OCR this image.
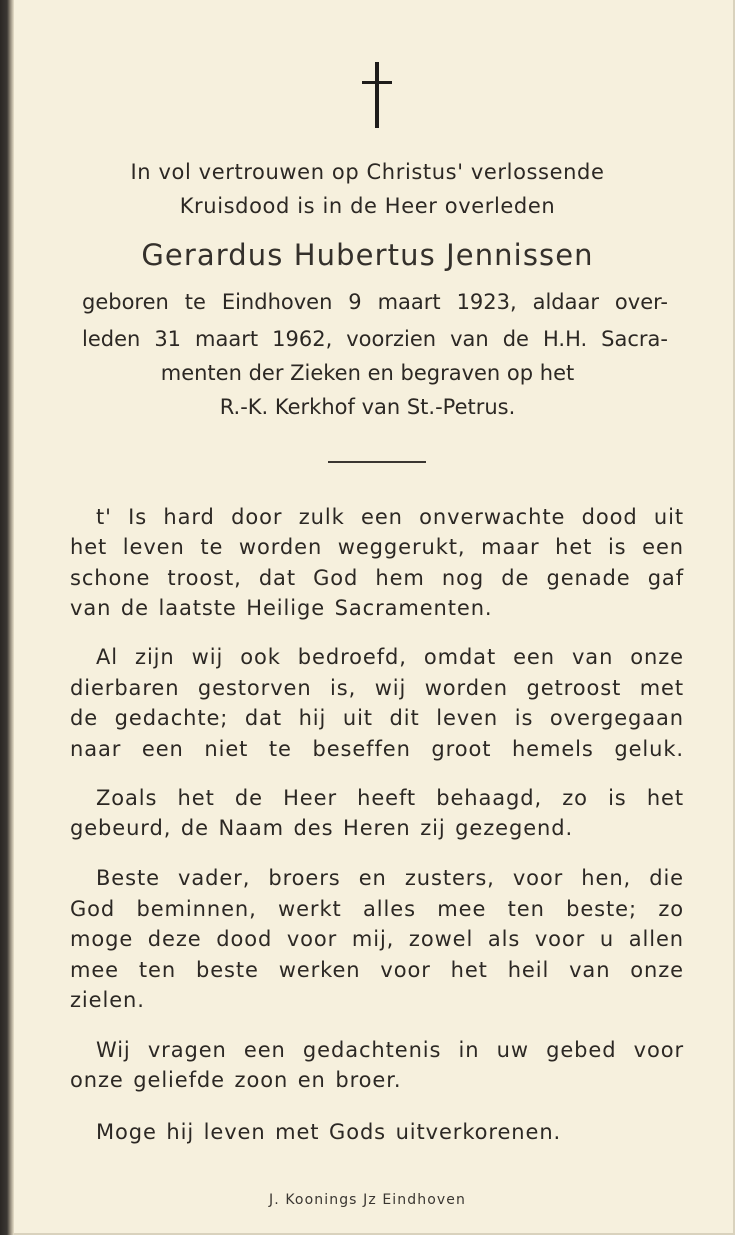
In vol vertrouwen op Christus' verlossende
Kruisdood is in de Heer overleden
Gerardus Hubertus Jennissen
geboren te Eindhoven 9 maart 1923, aldaar over-
leden 31 maart 1962, voorzien van de H.H. Sacra-
menten der Zieken en begraven op het
R.-K. Kerkhof van St.-Petrus.
t' Is hard door zulk een onverwachte dood uit
het leven te worden weggerukt, maar het is een
schone troost, dat God hem nog de genade gaf
van de laatste Heilige Sacramenten.
Al zijn wij ook bedroefd, omdat een van onze
dierbaren gestorven is, wij worden getroost met
de gedachte; dat hij uit dit leven is overgegaan
naar een niet te beseffen groot hemels geluk.
Zoals het de Heer heeft behaagd, zo is het
gebeurd, de Naam des Heren zij gezegend.
Beste vader, broers en zusters, voor hen, die
God beminnen, werkt alles mee ten beste; zo
moge deze dood voor mij, zowel als voor u allen
mee ten beste werken voor het heil van onze
zielen.
Wij vragen een gedachtenis in uw gebed voor
onze geliefde zoon en broer.
Moge hij leven met Gods uitverkorenen.
J. Koonings Jz Eindhoven
